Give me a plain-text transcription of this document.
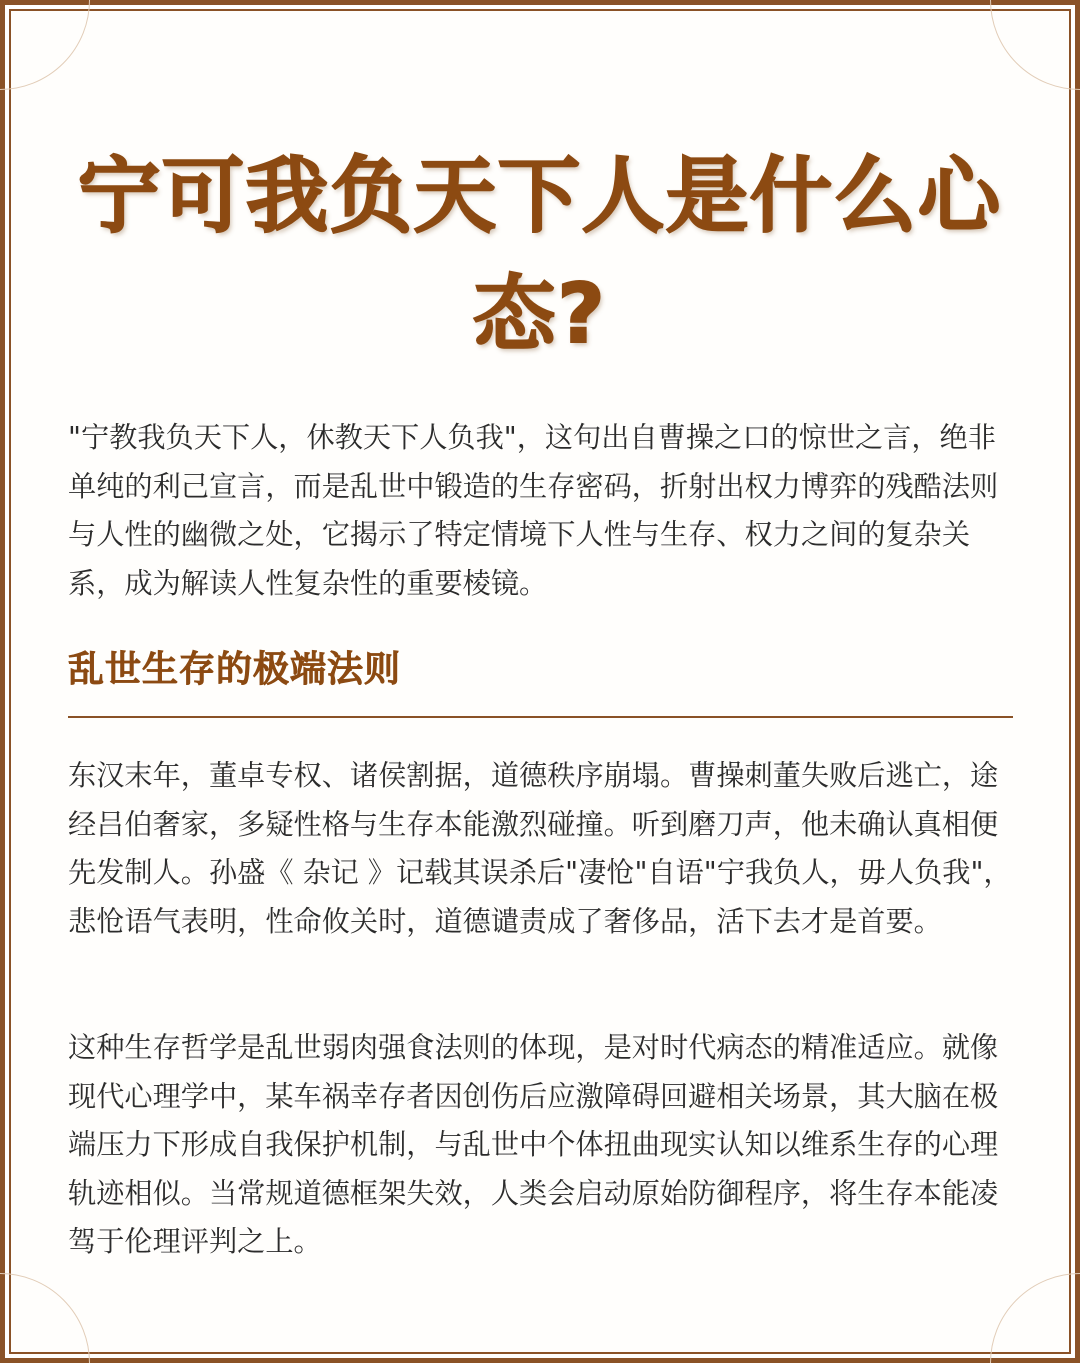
宁可我负天下人是什么心态?

"宁教我负天下人，休教天下人负我"，这句出自曹操之口的惊世之言，绝非单纯的利己宣言，而是乱世中锻造的生存密码，折射出权力博弈的残酷法则与人性的幽微之处，它揭示了特定情境下人性与生存、权力之间的复杂关系，成为解读人性复杂性的重要棱镜。

乱世生存的极端法则

东汉末年，董卓专权、诸侯割据，道德秩序崩塌。曹操刺董失败后逃亡，途经吕伯奢家，多疑性格与生存本能激烈碰撞。听到磨刀声，他未确认真相便先发制人。孙盛《 杂记 》记载其误杀后"凄怆"自语"宁我负人，毋人负我"，悲怆语气表明，性命攸关时，道德谴责成了奢侈品，活下去才是首要。

这种生存哲学是乱世弱肉强食法则的体现，是对时代病态的精准适应。就像现代心理学中，某车祸幸存者因创伤后应激障碍回避相关场景，其大脑在极端压力下形成自我保护机制，与乱世中个体扭曲现实认知以维系生存的心理轨迹相似。当常规道德框架失效，人类会启动原始防御程序，将生存本能凌驾于伦理评判之上。
